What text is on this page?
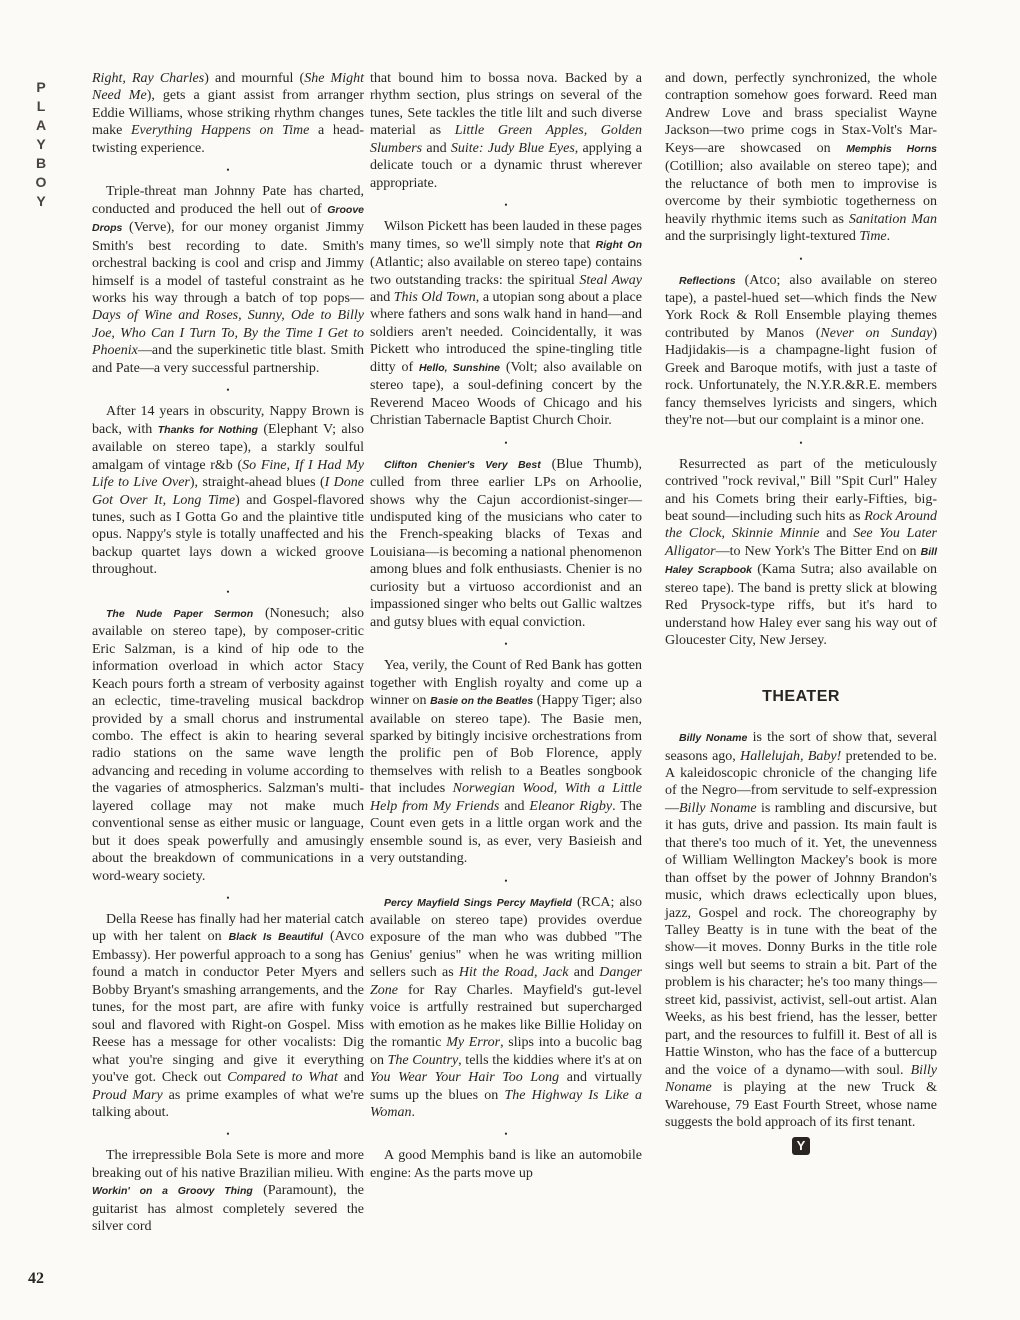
P
L
A
Y
B
O
Y
42

Right, Ray Charles) and mournful (She Might Need Me), gets a giant assist from arranger Eddie Williams, whose striking rhythm changes make Everything Happens on Time a head-twisting experience.

•

Triple-threat man Johnny Pate has charted, conducted and produced the hell out of Groove Drops (Verve), for our money organist Jimmy Smith's best recording to date. Smith's orchestral backing is cool and crisp and Jimmy himself is a model of tasteful constraint as he works his way through a batch of top pops—Days of Wine and Roses, Sunny, Ode to Billy Joe, Who Can I Turn To, By the Time I Get to Phoenix—and the superkinetic title blast. Smith and Pate—a very successful partnership.

•

After 14 years in obscurity, Nappy Brown is back, with Thanks for Nothing (Elephant V; also available on stereo tape), a starkly soulful amalgam of vintage r&b (So Fine, If I Had My Life to Live Over), straight-ahead blues (I Done Got Over It, Long Time) and Gospel-flavored tunes, such as I Gotta Go and the plaintive title opus. Nappy's style is totally unaffected and his backup quartet lays down a wicked groove throughout.

•

The Nude Paper Sermon (Nonesuch; also available on stereo tape), by composer-critic Eric Salzman, is a kind of hip ode to the information overload in which actor Stacy Keach pours forth a stream of verbosity against an eclectic, time-traveling musical backdrop provided by a small chorus and instrumental combo. The effect is akin to hearing several radio stations on the same wave length advancing and receding in volume according to the vagaries of atmospherics. Salzman's multi-layered collage may not make much conventional sense as either music or language, but it does speak powerfully and amusingly about the breakdown of communications in a word-weary society.

•

Della Reese has finally had her material catch up with her talent on Black Is Beautiful (Avco Embassy). Her powerful approach to a song has found a match in conductor Peter Myers and Bobby Bryant's smashing arrangements, and the tunes, for the most part, are afire with funky soul and flavored with Right-on Gospel. Miss Reese has a message for other vocalists: Dig what you're singing and give it everything you've got. Check out Compared to What and Proud Mary as prime examples of what we're talking about.

•

The irrepressible Bola Sete is more and more breaking out of his native Brazilian milieu. With Workin' on a Groovy Thing (Paramount), the guitarist has almost completely severed the silver cord

that bound him to bossa nova. Backed by a rhythm section, plus strings on several of the tunes, Sete tackles the title lilt and such diverse material as Little Green Apples, Golden Slumbers and Suite: Judy Blue Eyes, applying a delicate touch or a dynamic thrust wherever appropriate.

•

Wilson Pickett has been lauded in these pages many times, so we'll simply note that Right On (Atlantic; also available on stereo tape) contains two outstanding tracks: the spiritual Steal Away and This Old Town, a utopian song about a place where fathers and sons walk hand in hand—and soldiers aren't needed. Coincidentally, it was Pickett who introduced the spine-tingling title ditty of Hello, Sunshine (Volt; also available on stereo tape), a soul-defining concert by the Reverend Maceo Woods of Chicago and his Christian Tabernacle Baptist Church Choir.

•

Clifton Chenier's Very Best (Blue Thumb), culled from three earlier LPs on Arhoolie, shows why the Cajun accordionist-singer—undisputed king of the musicians who cater to the French-speaking blacks of Texas and Louisiana—is becoming a national phenomenon among blues and folk enthusiasts. Chenier is no curiosity but a virtuoso accordionist and an impassioned singer who belts out Gallic waltzes and gutsy blues with equal conviction.

•

Yea, verily, the Count of Red Bank has gotten together with English royalty and come up a winner on Basie on the Beatles (Happy Tiger; also available on stereo tape). The Basie men, sparked by bitingly incisive orchestrations from the prolific pen of Bob Florence, apply themselves with relish to a Beatles songbook that includes Norwegian Wood, With a Little Help from My Friends and Eleanor Rigby. The Count even gets in a little organ work and the ensemble sound is, as ever, very Basieish and very outstanding.

•

Percy Mayfield Sings Percy Mayfield (RCA; also available on stereo tape) provides overdue exposure of the man who was dubbed "The Genius' genius" when he was writing million sellers such as Hit the Road, Jack and Danger Zone for Ray Charles. Mayfield's gut-level voice is artfully restrained but supercharged with emotion as he makes like Billie Holiday on the romantic My Error, slips into a bucolic bag on The Country, tells the kiddies where it's at on You Wear Your Hair Too Long and virtually sums up the blues on The Highway Is Like a Woman.

•

A good Memphis band is like an automobile engine: As the parts move up

and down, perfectly synchronized, the whole contraption somehow goes forward. Reed man Andrew Love and brass specialist Wayne Jackson—two prime cogs in Stax-Volt's Mar-Keys—are showcased on Memphis Horns (Cotillion; also available on stereo tape); and the reluctance of both men to improvise is overcome by their symbiotic togetherness on heavily rhythmic items such as Sanitation Man and the surprisingly light-textured Time.

•

Reflections (Atco; also available on stereo tape), a pastel-hued set—which finds the New York Rock & Roll Ensemble playing themes contributed by Manos (Never on Sunday) Hadjidakis—is a champagne-light fusion of Greek and Baroque motifs, with just a taste of rock. Unfortunately, the N.Y.R.&R.E. members fancy themselves lyricists and singers, which they're not—but our complaint is a minor one.

•

Resurrected as part of the meticulously contrived "rock revival," Bill "Spit Curl" Haley and his Comets bring their early-Fifties, big-beat sound—including such hits as Rock Around the Clock, Skinnie Minnie and See You Later Alligator—to New York's The Bitter End on Bill Haley Scrapbook (Kama Sutra; also available on stereo tape). The band is pretty slick at blowing Red Prysock-type riffs, but it's hard to understand how Haley ever sang his way out of Gloucester City, New Jersey.

THEATER

Billy Noname is the sort of show that, several seasons ago, Hallelujah, Baby! pretended to be. A kaleidoscopic chronicle of the changing life of the Negro—from servitude to self-expression—Billy Noname is rambling and discursive, but it has guts, drive and passion. Its main fault is that there's too much of it. Yet, the unevenness of William Wellington Mackey's book is more than offset by the power of Johnny Brandon's music, which draws eclectically upon blues, jazz, Gospel and rock. The choreography by Talley Beatty is in tune with the beat of the show—it moves. Donny Burks in the title role sings well but seems to strain a bit. Part of the problem is his character; he's too many things—street kid, passivist, activist, sell-out artist. Alan Weeks, as his best friend, has the lesser, better part, and the resources to fulfill it. Best of all is Hattie Winston, who has the face of a buttercup and the voice of a dynamo—with soul. Billy Noname is playing at the new Truck & Warehouse, 79 East Fourth Street, whose name suggests the bold approach of its first tenant.

Y
